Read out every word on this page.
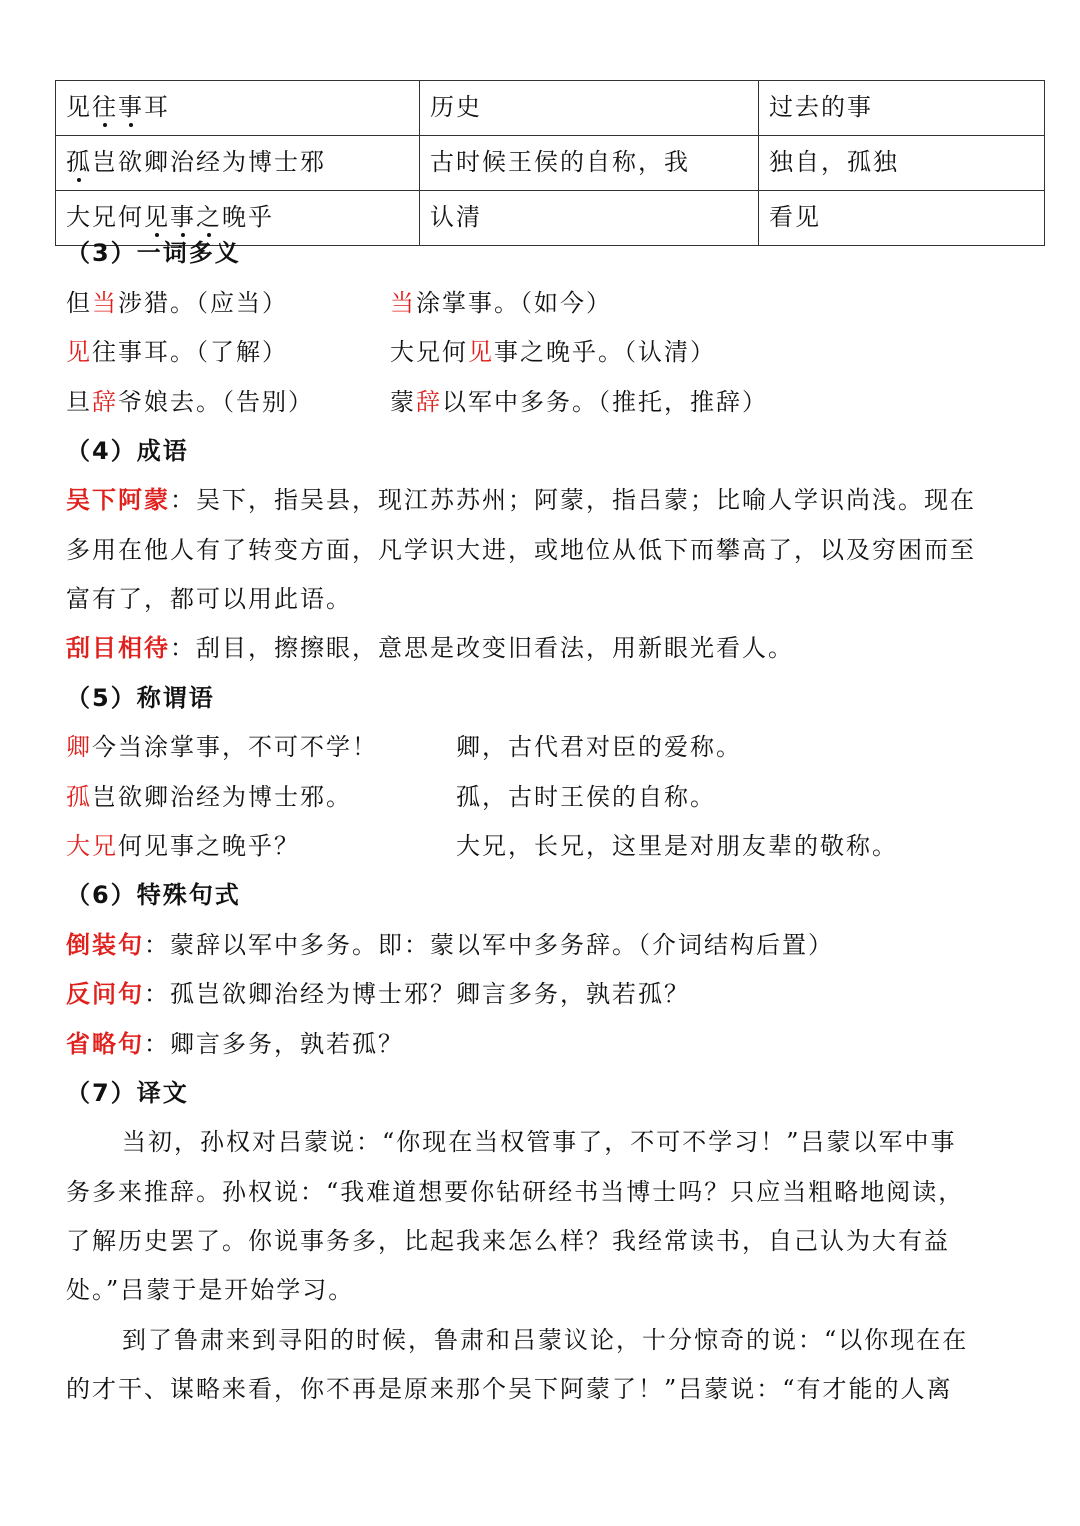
见往事耳	历史	过去的事
孤岂欲卿治经为博士邪	古时候王侯的自称，我	独自，孤独
大兄何见事之晚乎	认清	看见
（3）一词多义
但当涉猎。（应当）	当涂掌事。（如今）
见往事耳。（了解）	大兄何见事之晚乎。（认清）
旦辞爷娘去。（告别）	蒙辞以军中多务。（推托，推辞）
（4）成语
吴下阿蒙：吴下，指吴县，现江苏苏州；阿蒙，指吕蒙；比喻人学识尚浅。现在
多用在他人有了转变方面，凡学识大进，或地位从低下而攀高了，以及穷困而至
富有了，都可以用此语。
刮目相待：刮目，擦擦眼，意思是改变旧看法，用新眼光看人。
（5）称谓语
卿今当涂掌事，不可不学！	卿，古代君对臣的爱称。
孤岂欲卿治经为博士邪。	孤，古时王侯的自称。
大兄何见事之晚乎？	大兄，长兄，这里是对朋友辈的敬称。
（6）特殊句式
倒装句：蒙辞以军中多务。即：蒙以军中多务辞。（介词结构后置）
反问句：孤岂欲卿治经为博士邪？卿言多务，孰若孤？
省略句：卿言多务，孰若孤？
（7）译文
当初，孙权对吕蒙说：“你现在当权管事了，不可不学习！”吕蒙以军中事
务多来推辞。孙权说：“我难道想要你钻研经书当博士吗？只应当粗略地阅读，
了解历史罢了。你说事务多，比起我来怎么样？我经常读书，自己认为大有益
处。”吕蒙于是开始学习。
到了鲁肃来到寻阳的时候，鲁肃和吕蒙议论，十分惊奇的说：“以你现在在
的才干、谋略来看，你不再是原来那个吴下阿蒙了！”吕蒙说：“有才能的人离
